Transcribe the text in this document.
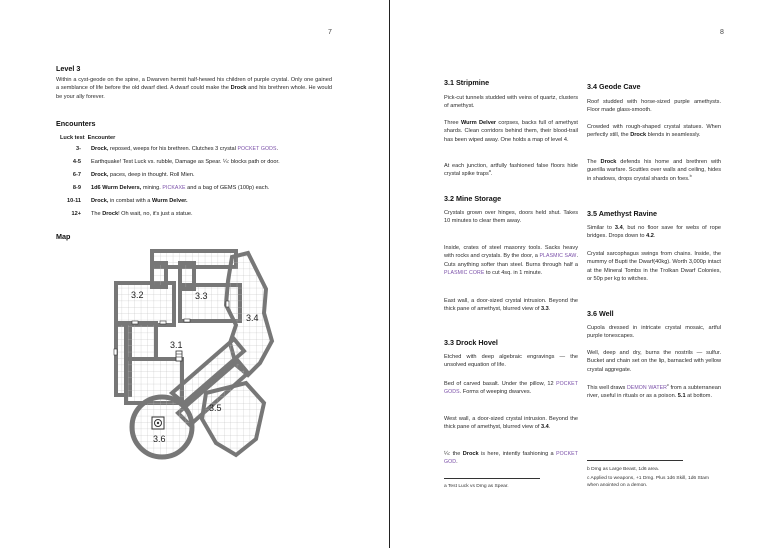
7
Level 3
Within a cyst-geode on the spine, a Dwarven hermit half-hewed his children of purple crystal. Only one gained a semblance of life before the old dwarf died. A dwarf could make the Drock and his brethren whole. He would be your ally forever.
Encounters
Luck test Encounter
3- Drock, reposed, weeps for his brethren. Clutches 3 crystal POCKET GODS.
4-5 Earthquake! Test Luck vs. rubble, Damage as Spear. ¼: blocks path or door.
6-7 Drock, paces, deep in thought. Roll Mien.
8-9 1d6 Wurm Delvers, mining. PICKAXE and a bag of GEMS (100p) each.
10-11 Drock, in combat with a Wurm Delver.
12+ The Drock! Oh wait, no, it's just a statue.
Map
3.5
3.6
3.2	3.3
3.4
3.1
8
3.1 Stripmine
Pick-cut tunnels studded with veins of quartz, clusters of amethyst.
Three Wurm Delver corpses, backs full of amethyst shards. Clean corridors behind them, their blood-trail has been wiped away. One holds a map of level 4.
At each junction, artfully fashioned false floors hide crystal spike traps$^a$.
3.2 Mine Storage
Crystals grown over hinges, doors held shut. Takes 10 minutes to clear them away.
Inside, crates of steel masonry tools. Sacks heavy with rocks and crystals. By the door, a PLASMIC SAW. Cuts anything softer than steel. Burns through half a PLASMIC CORE to cut 4sq. in 1 minute.
East wall, a door-sized crystal intrusion. Beyond the thick pane of amethyst, blurred view of 3.3.
3.3 Drock Hovel
Etched with deep algebraic engravings — the unsolved equation of life.
Bed of carved basalt. Under the pillow, 12 POCKET GODS. Forms of weeping dwarves.
West wall, a door-sized crystal intrusion. Beyond the thick pane of amethyst, blurred view of 3.4.
¼: the Drock is here, intently fashioning a POCKET GOD.
a Test Luck vs Dmg as Spear.
3.4 Geode Cave
Roof studded with horse-sized purple amethysts. Floor made glass-smooth.
Crowded with rough-shaped crystal statues. When perfectly still, the Drock blends in seamlessly.
The Drock defends his home and brethren with guerilla warfare. Scuttles over walls and ceiling, hides in shadows, drops crystal shards on foes.$^b$
3.5 Amethyst Ravine
Similar to 3.4, but no floor save for webs of rope bridges. Drops down to 4.2.
Crystal sarcophagus swings from chains. Inside, the mummy of Bupti the Dwarf(40kg). Worth 3,000p intact at the Mineral Tombs in the Trolkan Dwarf Colonies, or 50p per kg to witches.
3.6 Well
Cupola dressed in intricate crystal mosaic, artful purple tonescapes.
Well, deep and dry, burns the nostrils — sulfur. Bucket and chain set on the lip, barnacled with yellow crystal aggregate.
This well draws DEMON WATER$^c$ from a subterranean river, useful in rituals or as a poison. 5.1 at bottom.
b Dmg as Large Beast, 1d6 area.
c Applied to weapons, +1 Dmg. Plus 1d6 Skill, 1d6 Stam when anointed on a demon.
